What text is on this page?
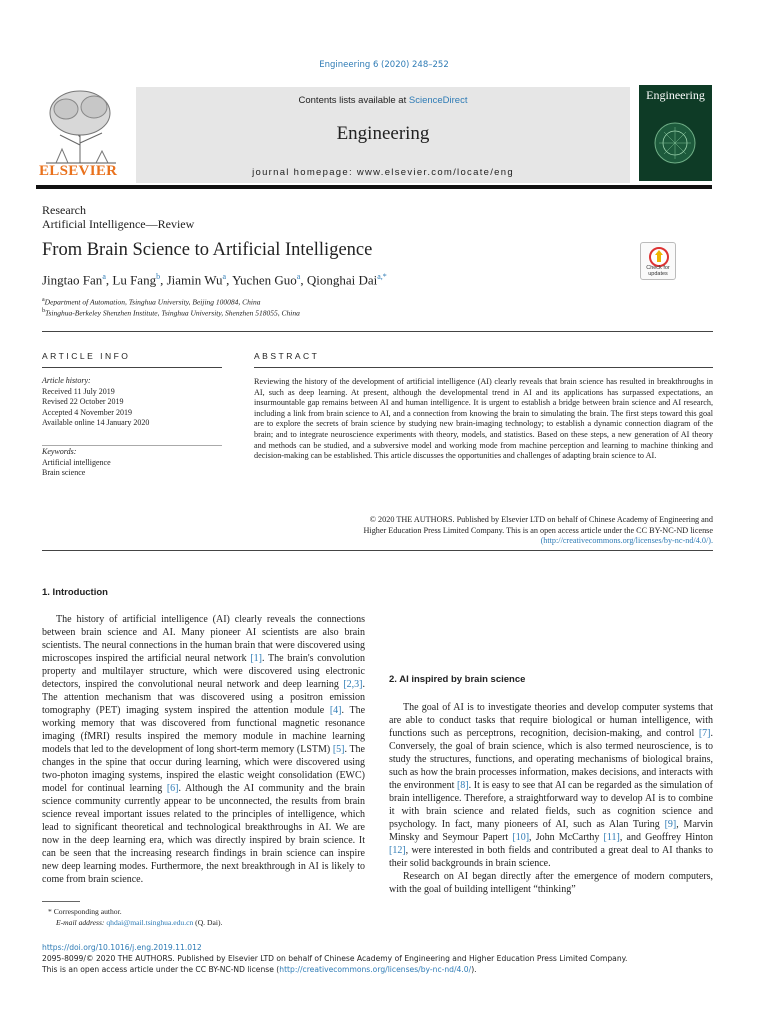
Engineering 6 (2020) 248–252
ELSEVIER
Contents lists available at ScienceDirect
Engineering
journal homepage: www.elsevier.com/locate/eng
Engineering
Research
Artificial Intelligence—Review
From Brain Science to Artificial Intelligence
Jingtao Fan$^a$, Lu Fang$^b$, Jiamin Wu$^a$, Yuchen Guo$^a$, Qionghai Dai$^{a,*}$
$^a$Department of Automation, Tsinghua University, Beijing 100084, China
$^b$Tsinghua-Berkeley Shenzhen Institute, Tsinghua University, Shenzhen 518055, China
Check for updates
ARTICLE INFO	ABSTRACT
Article history:
Received 11 July 2019
Revised 22 October 2019
Accepted 4 November 2019
Available online 14 January 2020
Keywords:
Artificial intelligence
Brain science
Reviewing the history of the development of artificial intelligence (AI) clearly reveals that brain science has resulted in breakthroughs in AI, such as deep learning. At present, although the developmental trend in AI and its applications has surpassed expectations, an insurmountable gap remains between AI and human intelligence. It is urgent to establish a bridge between brain science and AI research, including a link from brain science to AI, and a connection from knowing the brain to simulating the brain. The first steps toward this goal are to explore the secrets of brain science by studying new brain-imaging technology; to establish a dynamic connection diagram of the brain; and to integrate neuroscience experiments with theory, models, and statistics. Based on these steps, a new generation of AI theory and methods can be studied, and a subversive model and working mode from machine perception and learning to machine thinking and decision-making can be established. This article discusses the opportunities and challenges of adapting brain science to AI.
© 2020 THE AUTHORS. Published by Elsevier LTD on behalf of Chinese Academy of Engineering and
Higher Education Press Limited Company. This is an open access article under the CC BY-NC-ND license
(http://creativecommons.org/licenses/by-nc-nd/4.0/).
1. Introduction

The history of artificial intelligence (AI) clearly reveals the connections between brain science and AI. Many pioneer AI scientists are also brain scientists. The neural connections in the human brain that were discovered using microscopes inspired the artificial neural network [1]. The brain's convolution property and multilayer structure, which were discovered using electronic detectors, inspired the convolutional neural network and deep learning [2,3]. The attention mechanism that was discovered using a positron emission tomography (PET) imaging system inspired the attention module [4]. The working memory that was discovered from functional magnetic resonance imaging (fMRI) results inspired the memory module in machine learning models that led to the development of long short-term memory (LSTM) [5]. The changes in the spine that occur during learning, which were discovered using two-photon imaging systems, inspired the elastic weight consolidation (EWC) model for continual learning [6]. Although the AI community and the brain science community currently appear to be unconnected, the results from brain science reveal important issues related to the principles of intelligence, which lead to significant theoretical and technological breakthroughs in AI. We are now in the deep learning era, which was directly inspired by brain science. It can be seen that the increasing research findings in brain science can inspire new deep learning modes. Furthermore, the next breakthrough in AI is likely to come from brain science.

2. AI inspired by brain science

The goal of AI is to investigate theories and develop computer systems that are able to conduct tasks that require biological or human intelligence, with functions such as perceptrons, recognition, decision-making, and control [7]. Conversely, the goal of brain science, which is also termed neuroscience, is to study the structures, functions, and operating mechanisms of biological brains, such as how the brain processes information, makes decisions, and interacts with the environment [8]. It is easy to see that AI can be regarded as the simulation of brain intelligence. Therefore, a straightforward way to develop AI is to combine it with brain science and related fields, such as cognition science and psychology. In fact, many pioneers of AI, such as Alan Turing [9], Marvin Minsky and Seymour Papert [10], John McCarthy [11], and Geoffrey Hinton [12], were interested in both fields and contributed a great deal to AI thanks to their solid backgrounds in brain science.

Research on AI began directly after the emergence of modern computers, with the goal of building intelligent “thinking”

* Corresponding author.
E-mail address: qhdai@mail.tsinghua.edu.cn (Q. Dai).
https://doi.org/10.1016/j.eng.2019.11.012
2095-8099/© 2020 THE AUTHORS. Published by Elsevier LTD on behalf of Chinese Academy of Engineering and Higher Education Press Limited Company.
This is an open access article under the CC BY-NC-ND license (http://creativecommons.org/licenses/by-nc-nd/4.0/).
